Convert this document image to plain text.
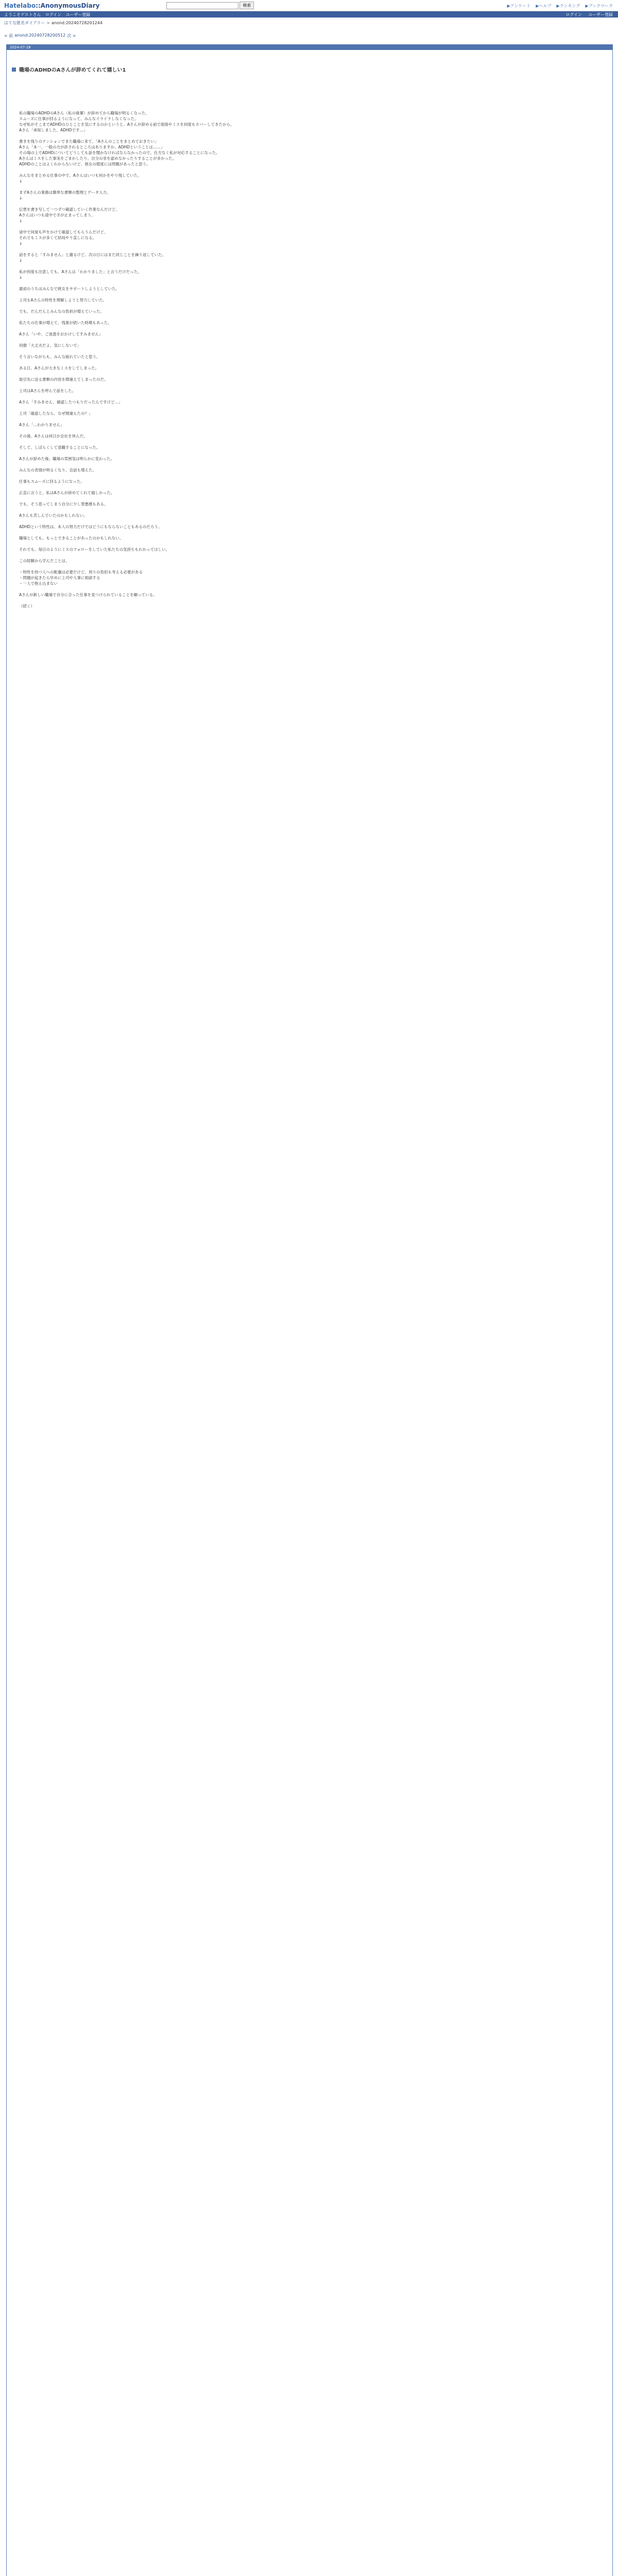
Hatelabo::AnonymousDiary	検索	▶アンケート ▶ヘルプ ▶ランキング ▶ブックマーク
ようこそゲストさん ログイン ユーザー登録	ログイン ユーザー登録
はてな匿名ダイアリー > anond:20240728201244
< 前 anond:20240728200512 次 >
2024-07-28
職場のADHDのAさんが辞めてくれて嬉しい1
私の職場のADHDのAさん（私の後輩）が辞めてから職場が明るくなった。
スムーズに仕事が回るようになって、みんなイライラしなくなった。
なぜ私がそこまでADHDのひとことを気にするのかというと、Aさんが辞める前で面接やミスを何度もカバーしてきたから。
Aさん「承知しました、ADHDです…」

書きを残りのテンションでまた職場に来て、「Aさんのことをまとめておきたい」
Aさん「本一、一般の方が許されるところはありますか、ADHDということは……」
その場の上でADHDについてどうしても話を聞かなければならなかったので、仕方なく私が対応することになった。
Aさんはミスをした事実をごまかしたり、自分の非を認めなかったりすることが多かった。
ADHDのことはよくわからないけど、彼女の態度には問題があったと思う。

みんなをまとめる仕事の中で、Aさんはいつも何かをやり残していた。
↓

まずAさんの業務は簡単な書類の整理とデータ入力。
↓

伝票を書き写して一つずつ確認していく作業なんだけど、
Aさんはいつも途中で手が止まってしまう。
↓

途中で何度も声をかけて確認してもらうんだけど、
それでもミスが多くて結局やり直しになる。
↓

話をすると「すみません」と謝るけど、次の日にはまた同じことを繰り返していた。
↓

私が何度も注意しても、Aさんは「わかりました」と言うだけだった。
↓

最初のうちはみんなで彼女をサポートしようとしていた。

上司もAさんの特性を理解しようと努力していた。

でも、だんだんとみんなの負担が増えていった。

私たちの仕事が増えて、残業が続いた時期もあった。

Aさん「いや、ご迷惑をおかけしてすみません」

同僚「大丈夫だよ、気にしないで」

そう言いながらも、みんな疲れていたと思う。

ある日、Aさんが大きなミスをしてしまった。

取引先に送る書類の内容を間違えてしまったのだ。

上司はAさんを呼んで話をした。

Aさん「すみません、確認したつもりだったんですけど…」

上司「確認したなら、なぜ間違えたの？」

Aさん「…わかりません」

その後、Aさんは何日か会社を休んだ。

そして、しばらくして退職することになった。

Aさんが辞めた後、職場の雰囲気は明らかに変わった。

みんなの表情が明るくなり、会話も増えた。

仕事もスムーズに回るようになった。

正直に言うと、私はAさんが辞めてくれて嬉しかった。

でも、そう思ってしまう自分に少し罪悪感もある。

Aさんも苦しんでいたのかもしれない。

ADHDという特性は、本人の努力だけではどうにもならないこともあるのだろう。

職場としても、もっとできることがあったのかもしれない。

それでも、毎日のようにミスのフォローをしていた私たちの気持ちもわかってほしい。

この経験から学んだことは、

・特性を持つ人への配慮は必要だけど、周りの負担も考える必要がある
・問題が起きたら早めに上司や人事に相談する
・一人で抱え込まない

Aさんが新しい職場で自分に合った仕事を見つけられていることを願っている。

（続く）
